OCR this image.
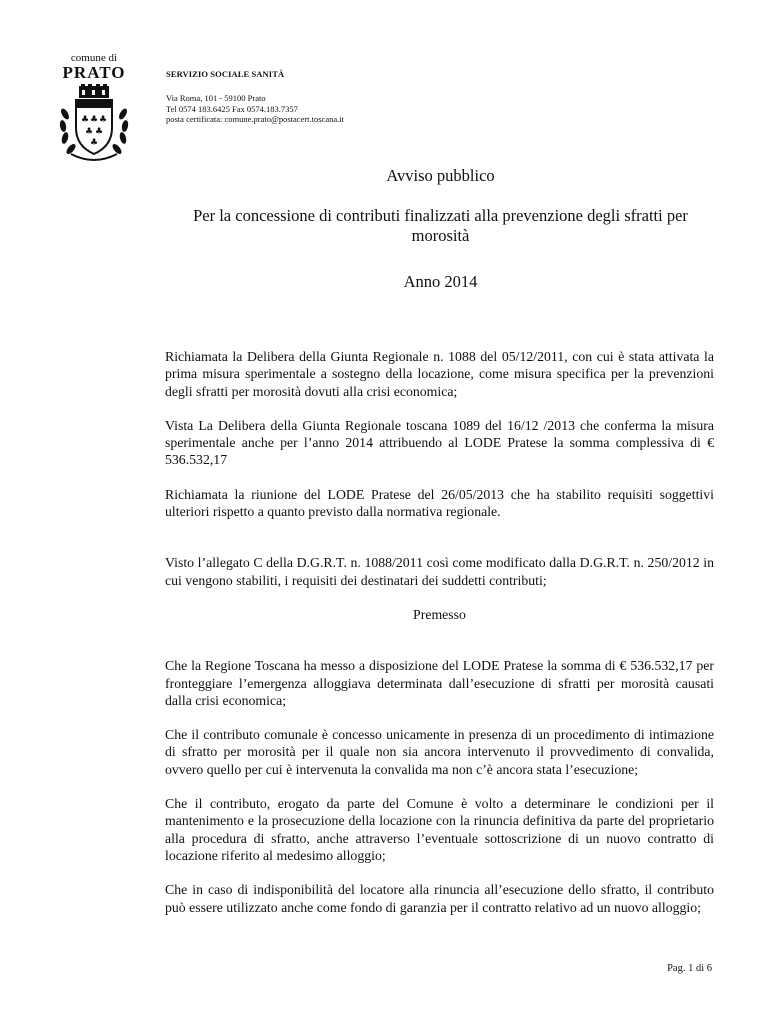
comune di
PRATO
♣ ♣ ♣
♣ ♣
♣
SERVIZIO SOCIALE SANITÀ
Via Roma, 101 - 59100 Prato
Tel 0574 183.6425 Fax 0574.183.7357
posta certificata: comune.prato@postacert.toscana.it
Avviso pubblico
Per la concessione di contributi finalizzati alla prevenzione degli sfratti per morosità
Anno 2014

Richiamata la Delibera della Giunta Regionale n. 1088 del 05/12/2011, con cui è stata attivata la prima misura sperimentale a sostegno della locazione, come misura specifica per la prevenzioni degli sfratti per morosità dovuti alla crisi economica;

Vista La Delibera della Giunta Regionale toscana 1089 del 16/12 /2013 che conferma la misura sperimentale anche per l’anno 2014 attribuendo al LODE Pratese la somma complessiva di € 536.532,17

Richiamata la riunione del LODE Pratese del 26/05/2013 che ha stabilito requisiti soggettivi ulteriori rispetto a quanto previsto dalla normativa regionale.

Visto l’allegato C della D.G.R.T. n. 1088/2011 così come modificato dalla D.G.R.T. n. 250/2012 in cui vengono stabiliti, i requisiti dei destinatari dei suddetti contributi;

Premesso

Che la Regione Toscana ha messo a disposizione del LODE Pratese la somma di € 536.532,17 per fronteggiare l’emergenza alloggiava determinata dall’esecuzione di sfratti per morosità causati dalla crisi economica;

Che il contributo comunale è concesso unicamente in presenza di un procedimento di intimazione di sfratto per morosità per il quale non sia ancora intervenuto il provvedimento di convalida, ovvero quello per cui è intervenuta la convalida ma non c’è ancora stata l’esecuzione;

Che il contributo, erogato da parte del Comune è volto a determinare le condizioni per il mantenimento e la prosecuzione della locazione con la rinuncia definitiva da parte del proprietario alla procedura di sfratto, anche attraverso l’eventuale sottoscrizione di un nuovo contratto di locazione riferito al medesimo alloggio;

Che in caso di indisponibilità del locatore alla rinuncia all’esecuzione dello sfratto, il contributo può essere utilizzato anche come fondo di garanzia per il contratto relativo ad un nuovo alloggio;

Pag. 1 di 6
